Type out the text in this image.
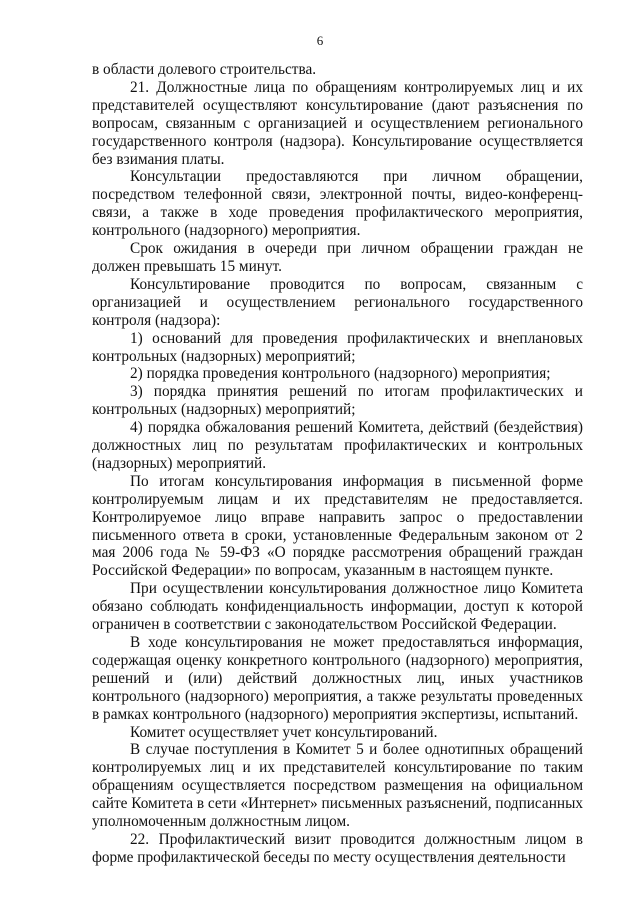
6

в области долевого строительства.

21. Должностные лица по обращениям контролируемых лиц и их представителей осуществляют консультирование (дают разъяснения по вопросам, связанным с организацией и осуществлением регионального государственного контроля (надзора). Консультирование осуществляется без взимания платы.

Консультации предоставляются при личном обращении, посредством телефонной связи, электронной почты, видео-конференц-связи, а также в ходе проведения профилактического мероприятия, контрольного (надзорного) мероприятия.

Срок ожидания в очереди при личном обращении граждан не должен превышать 15 минут.

Консультирование проводится по вопросам, связанным с организацией и осуществлением регионального государственного контроля (надзора):

1) оснований для проведения профилактических и внеплановых контрольных (надзорных) мероприятий;

2) порядка проведения контрольного (надзорного) мероприятия;

3) порядка принятия решений по итогам профилактических и контрольных (надзорных) мероприятий;

4) порядка обжалования решений Комитета, действий (бездействия) должностных лиц по результатам профилактических и контрольных (надзорных) мероприятий.

По итогам консультирования информация в письменной форме контролируемым лицам и их представителям не предоставляется. Контролируемое лицо вправе направить запрос о предоставлении письменного ответа в сроки, установленные Федеральным законом от 2 мая 2006 года № 59-ФЗ «О порядке рассмотрения обращений граждан Российской Федерации» по вопросам, указанным в настоящем пункте.

При осуществлении консультирования должностное лицо Комитета обязано соблюдать конфиденциальность информации, доступ к которой ограничен в соответствии с законодательством Российской Федерации.

В ходе консультирования не может предоставляться информация, содержащая оценку конкретного контрольного (надзорного) мероприятия, решений и (или) действий должностных лиц, иных участников контрольного (надзорного) мероприятия, а также результаты проведенных в рамках контрольного (надзорного) мероприятия экспертизы, испытаний.

Комитет осуществляет учет консультирований.

В случае поступления в Комитет 5 и более однотипных обращений контролируемых лиц и их представителей консультирование по таким обращениям осуществляется посредством размещения на официальном сайте Комитета в сети «Интернет» письменных разъяснений, подписанных уполномоченным должностным лицом.

22. Профилактический визит проводится должностным лицом в форме профилактической беседы по месту осуществления деятельности
